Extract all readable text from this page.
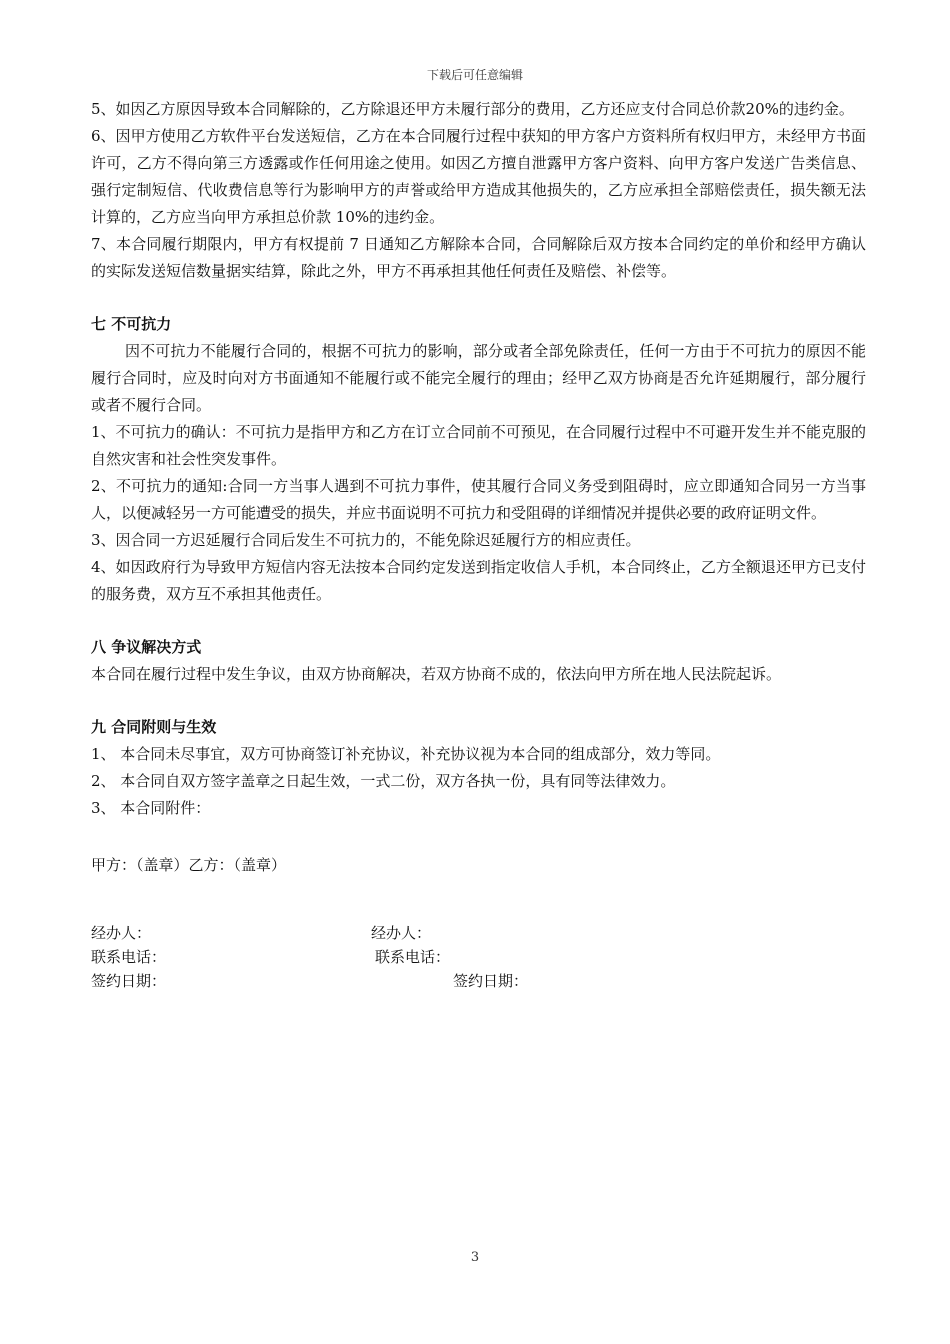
下载后可任意编辑

5、如因乙方原因导致本合同解除的，乙方除退还甲方未履行部分的费用，乙方还应支付合同总价款20%的违约金。

6、因甲方使用乙方软件平台发送短信，乙方在本合同履行过程中获知的甲方客户方资料所有权归甲方，未经甲方书面许可，乙方不得向第三方透露或作任何用途之使用。如因乙方擅自泄露甲方客户资料、向甲方客户发送广告类信息、强行定制短信、代收费信息等行为影响甲方的声誉或给甲方造成其他损失的，乙方应承担全部赔偿责任，损失额无法计算的，乙方应当向甲方承担总价款 10%的违约金。

7、本合同履行期限内，甲方有权提前 7 日通知乙方解除本合同，合同解除后双方按本合同约定的单价和经甲方确认的实际发送短信数量据实结算，除此之外，甲方不再承担其他任何责任及赔偿、补偿等。

七 不可抗力

因不可抗力不能履行合同的，根据不可抗力的影响，部分或者全部免除责任，任何一方由于不可抗力的原因不能履行合同时，应及时向对方书面通知不能履行或不能完全履行的理由；经甲乙双方协商是否允许延期履行，部分履行或者不履行合同。

1、不可抗力的确认：不可抗力是指甲方和乙方在订立合同前不可预见，在合同履行过程中不可避开发生并不能克服的自然灾害和社会性突发事件。

2、不可抗力的通知:合同一方当事人遇到不可抗力事件，使其履行合同义务受到阻碍时，应立即通知合同另一方当事人，以便减轻另一方可能遭受的损失，并应书面说明不可抗力和受阻碍的详细情况并提供必要的政府证明文件。

3、因合同一方迟延履行合同后发生不可抗力的，不能免除迟延履行方的相应责任。

4、如因政府行为导致甲方短信内容无法按本合同约定发送到指定收信人手机，本合同终止，乙方全额退还甲方已支付的服务费，双方互不承担其他责任。

八 争议解决方式

本合同在履行过程中发生争议，由双方协商解决，若双方协商不成的，依法向甲方所在地人民法院起诉。

九 合同附则与生效

1、 本合同未尽事宜，双方可协商签订补充协议，补充协议视为本合同的组成部分，效力等同。

2、 本合同自双方签字盖章之日起生效，一式二份，双方各执一份，具有同等法律效力。

3、 本合同附件：

甲方：（盖章）乙方：（盖章）

经办人：	经办人：
联系电话：	联系电话：
签约日期：	签约日期：
3
